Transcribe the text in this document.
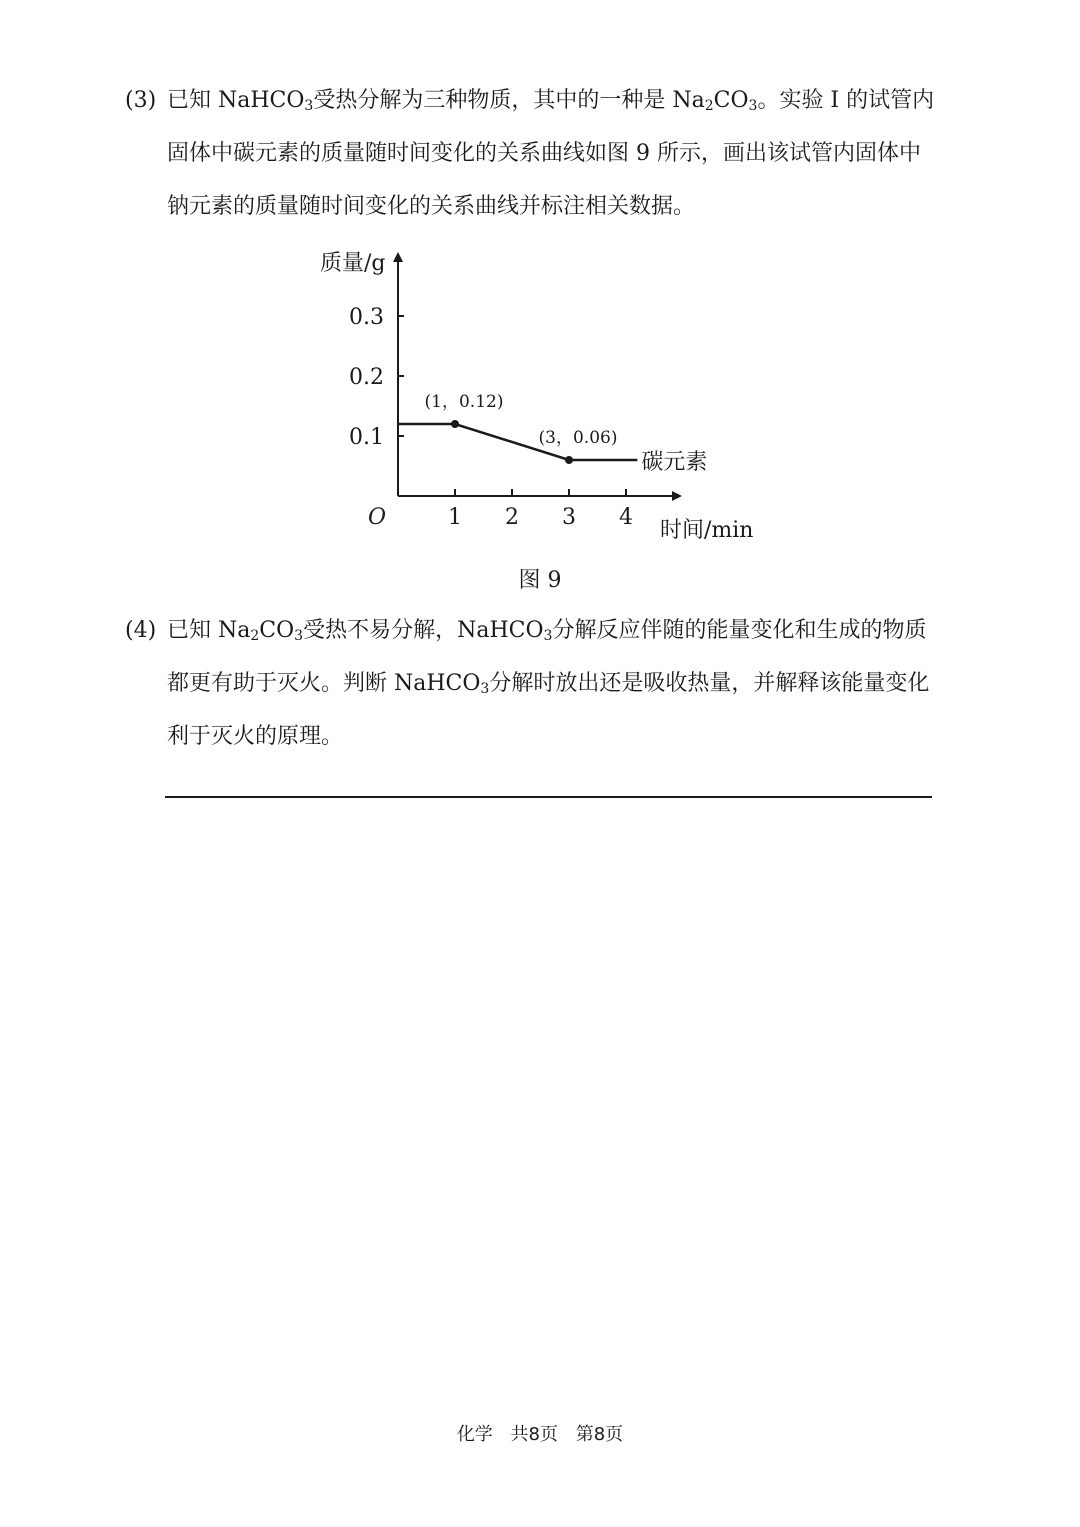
(3) 已知 NaHCO$_3$受热分解为三种物质，其中的一种是 $Na_2CO_3$。实验 I 的试管内
固体中碳元素的质量随时间变化的关系曲线如图 9 所示，画出该试管内固体中
钠元素的质量随时间变化的关系曲线并标注相关数据。
质量/g
时间/min
O	1 2 3 4
0.1
0.2
0.3
碳元素
(1，0.12)
(3，0.06)
图 9
(4) 已知 $Na_2CO_3$受热不易分解，NaHCO$_3$分解反应伴随的能量变化和生成的物质
都更有助于灭火。判断 NaHCO$_3$分解时放出还是吸收热量，并解释该能量变化
利于灭火的原理。
化学 共8页 第8页
